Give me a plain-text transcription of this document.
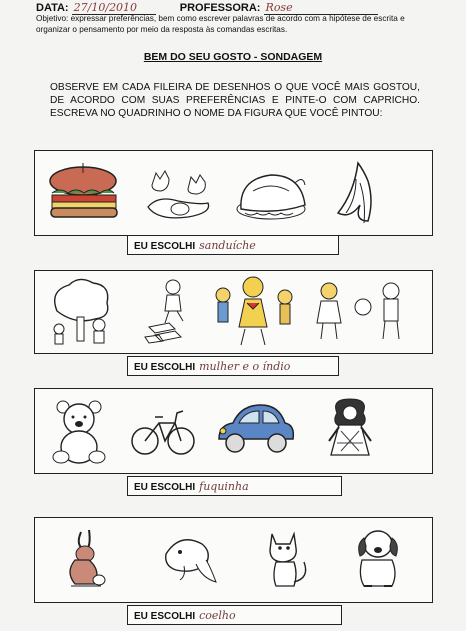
DATA: 27/10/2010	PROFESSORA: Rose
Objetivo: expressar preferências, bem como escrever palavras de acordo com a hipótese de escrita e organizar o pensamento por meio da resposta às comandas escritas.
BEM DO SEU GOSTO - SONDAGEM
OBSERVE EM CADA FILEIRA DE DESENHOS O QUE VOCÊ MAIS GOSTOU, DE ACORDO COM SUAS PREFERÊNCIAS E PINTE-O COM CAPRICHO. ESCREVA NO QUADRINHO O NOME DA FIGURA QUE VOCÊ PINTOU:
EU ESCOLHI sanduíche
EU ESCOLHI mulher e o índio
EU ESCOLHI fuquinha
EU ESCOLHI coelho
